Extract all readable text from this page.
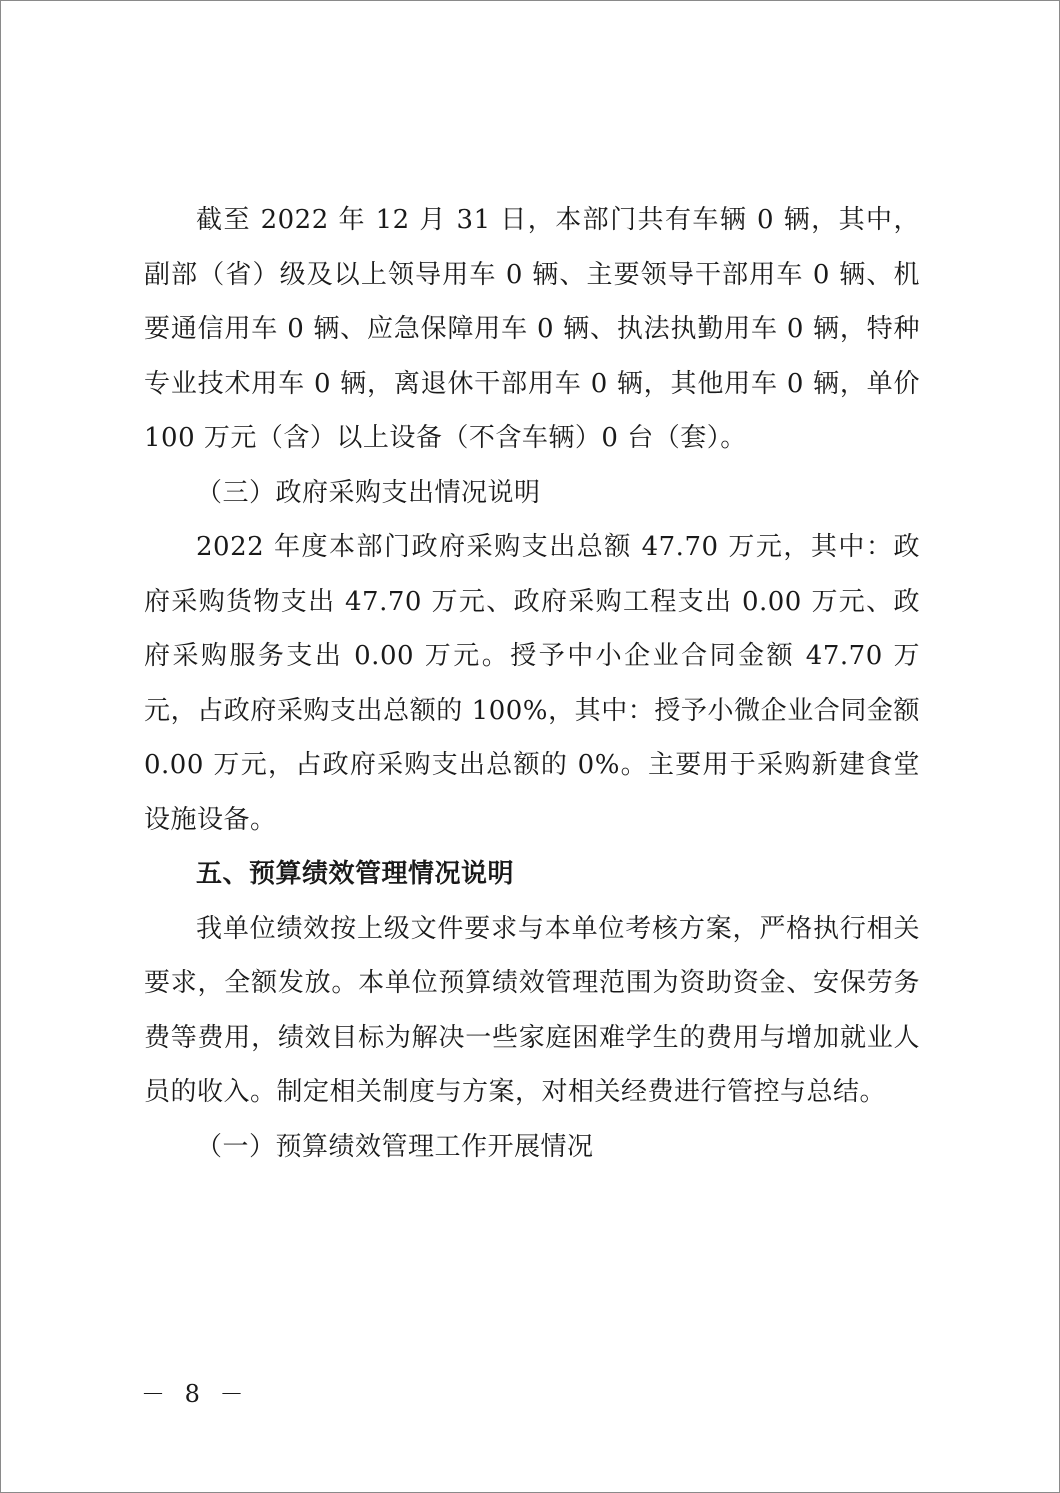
截至 2022 年 12 月 31 日，本部门共有车辆 0 辆，其中，副部（省）级及以上领导用车 0 辆、主要领导干部用车 0 辆、机要通信用车 0 辆、应急保障用车 0 辆、执法执勤用车 0 辆，特种专业技术用车 0 辆，离退休干部用车 0 辆，其他用车 0 辆，单价 100 万元（含）以上设备（不含车辆）0 台（套）。

（三）政府采购支出情况说明

2022 年度本部门政府采购支出总额 47.70 万元，其中：政府采购货物支出 47.70 万元、政府采购工程支出 0.00 万元、政府采购服务支出 0.00 万元。授予中小企业合同金额 47.70 万元，占政府采购支出总额的 100%，其中：授予小微企业合同金额 0.00 万元，占政府采购支出总额的 0%。主要用于采购新建食堂设施设备。

五、预算绩效管理情况说明

我单位绩效按上级文件要求与本单位考核方案，严格执行相关要求，全额发放。本单位预算绩效管理范围为资助资金、安保劳务费等费用，绩效目标为解决一些家庭困难学生的费用与增加就业人员的收入。制定相关制度与方案，对相关经费进行管控与总结。

（一）预算绩效管理工作开展情况

－ 8 －
